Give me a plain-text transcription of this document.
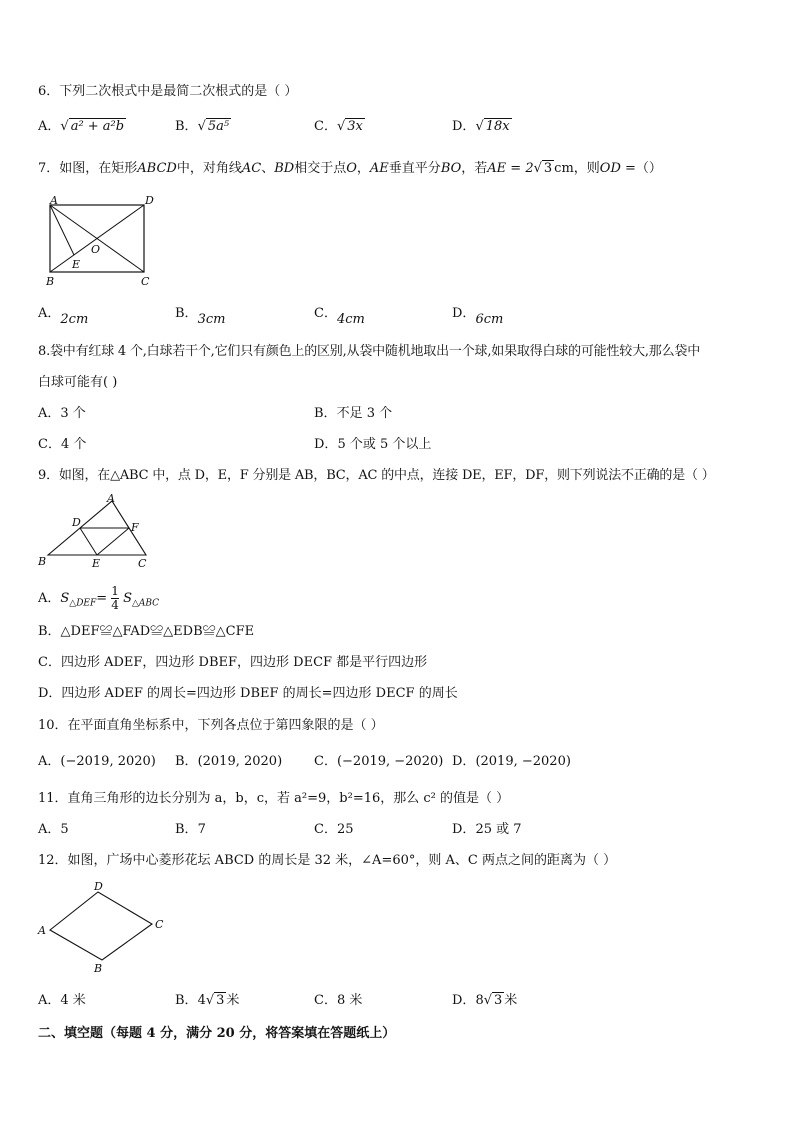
6．下列二次根式中是最简二次根式的是（ ）
A．√ a² + a²b	B．√ 5a⁵	C．√ 3x	D．√ 18x
7．如图，在矩形ABCD中，对角线AC、BD相交于点O，AE垂直平分BO，若AE = 2√ 3 cm，则OD =（）
A	D
B	C
O
E
A．2cm	B．3cm	C．4cm	D．6cm
8.袋中有红球 4 个,白球若干个,它们只有颜色上的区别,从袋中随机地取出一个球,如果取得白球的可能性较大,那么袋中
白球可能有( )
A．3 个	B．不足 3 个
C．4 个	D．5 个或 5 个以上
9．如图，在△ABC 中，点 D，E，F 分别是 AB，BC，AC 的中点，连接 DE，EF，DF，则下列说法不正确的是（ ）
A
B	C
D
E
F
A．$S_{\triangle DEF}= \frac{1}{4} S_{\triangle ABC}$
B．△DEF≌△FAD≌△EDB≌△CFE
C．四边形 ADEF，四边形 DBEF，四边形 DECF 都是平行四边形
D．四边形 ADEF 的周长=四边形 DBEF 的周长=四边形 DECF 的周长
10．在平面直角坐标系中，下列各点位于第四象限的是（ ）
A．(−2019, 2020) B．(2019, 2020) C．(−2019, −2020) D．(2019, −2020)
11．直角三角形的边长分别为 a，b，c，若 a²=9，b²=16，那么 c² 的值是（ ）
A．5	B．7	C．25	D．25 或 7
12．如图，广场中心菱形花坛 ABCD 的周长是 32 米，∠A=60°，则 A、C 两点之间的距离为（ ）
A
D
C
B
A．4 米	B．4√ 3 米	C．8 米	D．8√ 3 米
二、填空题（每题 4 分，满分 20 分，将答案填在答题纸上）
